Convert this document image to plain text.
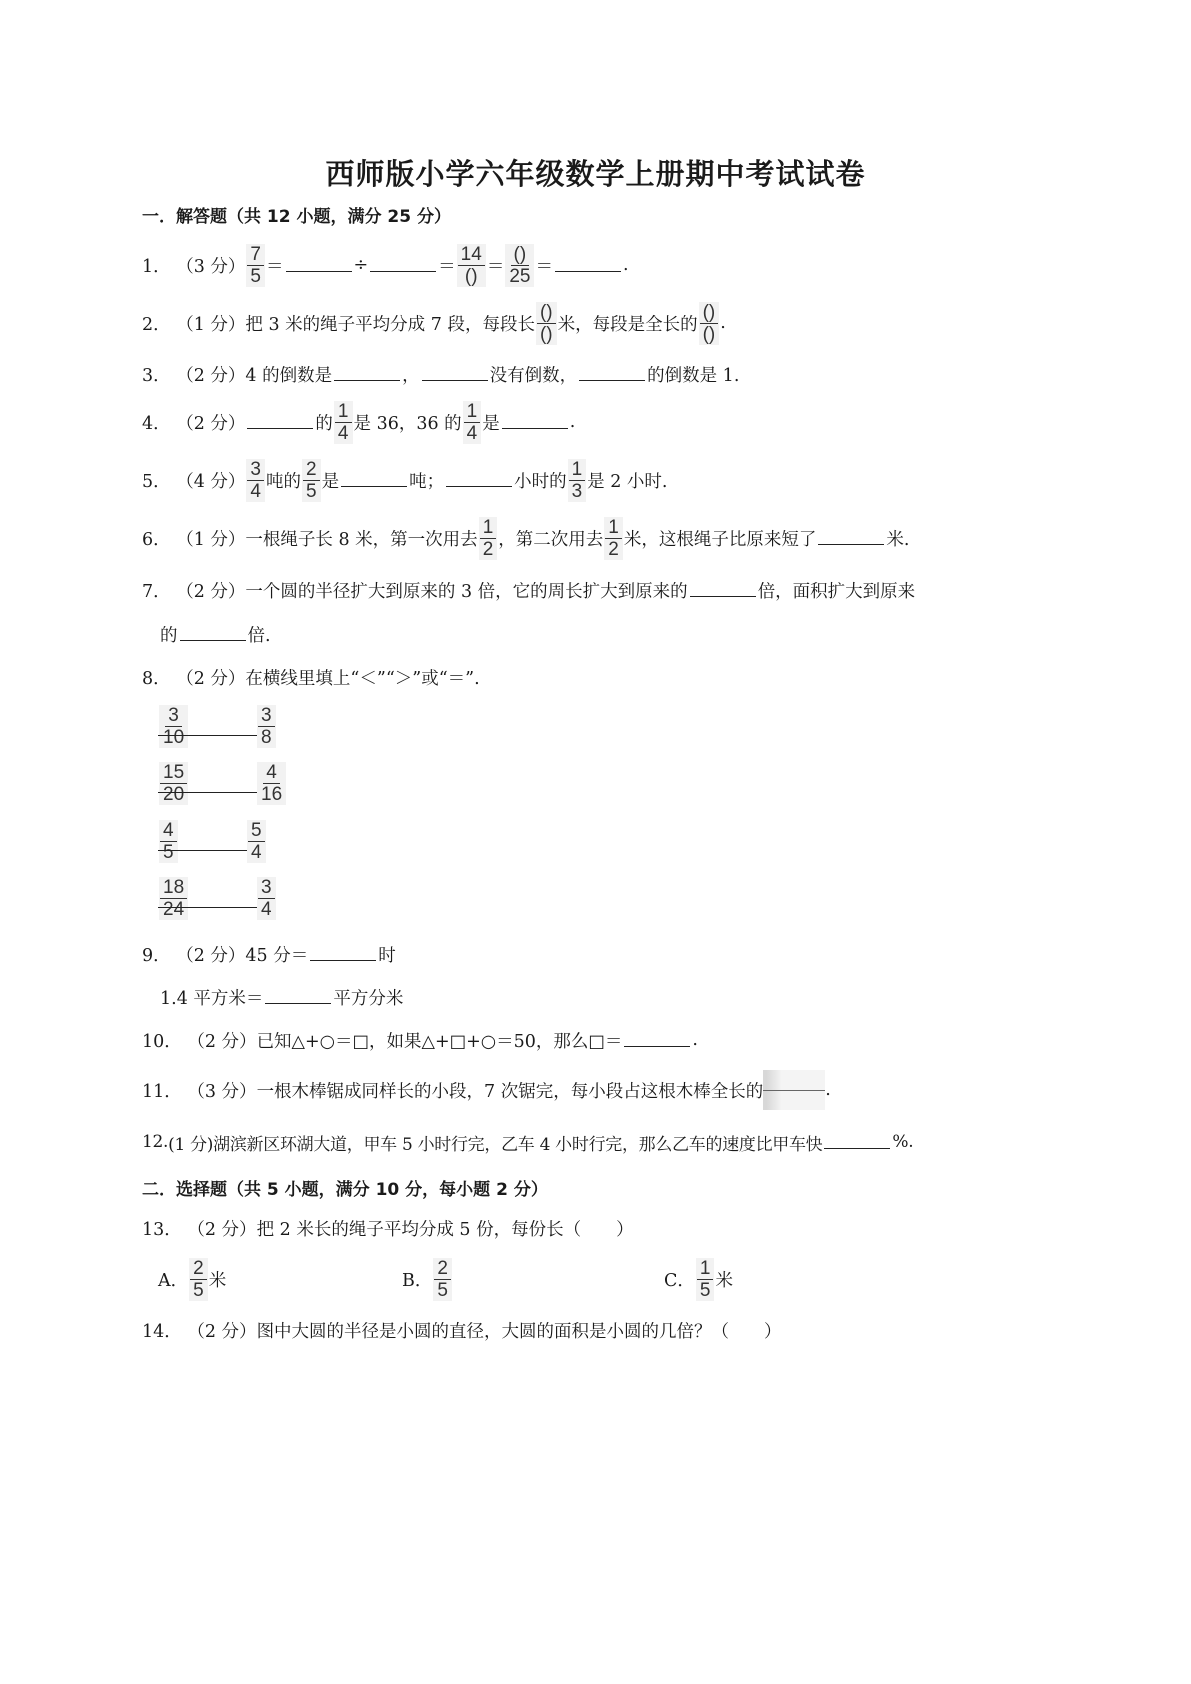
西师版小学六年级数学上册期中考试试卷
一．解答题（共 12 小题，满分 25 分）
1．
（3 分） $\frac{7}{5}$ ＝	÷	＝ $\frac{14}{()} = \frac{()}{25}$ ＝	.
2．
（1 分） 把 3 米的绳子平均分成 7 段，每段长 $\frac{()}{()}$ 米，每段是全长的 $\frac{()}{()}$ .
3．
（2 分） 4 的倒数是	，	没有倒数，	的倒数是 1.
4．
（2 分）	的 $\frac{1}{4}$ 是 36，36 的 $\frac{1}{4}$ 是	.
5．
（4 分） $\frac{3}{4}$ 吨的 $\frac{2}{5}$ 是	吨；	小时的 $\frac{1}{3}$ 是 2 小时.
6．
（1 分） 一根绳子长 8 米，第一次用去 $\frac{1}{2}$ ，第二次用去 $\frac{1}{2}$ 米，这根绳子比原来短了	米.
7．
（2 分） 一个圆的半径扩大到原来的 3 倍，它的周长扩大到原来的	倍，面积扩大到原来
的	倍.
8．
（2 分） 在横线里填上“＜”“＞”或“＝”.
$\frac{3}{10}$	$\frac{3}{8}$
$\frac{15}{20}$	$\frac{4}{16}$
$\frac{4}{5}$	$\frac{5}{4}$
$\frac{18}{24}$	$\frac{3}{4}$
9．
（2 分） 45 分＝	时
1.4 平方米＝	平方分米
10．
（2 分） 已知△+○＝□，如果△+□+○＝50，那么□＝	.
11．
（3 分） 一根木棒锯成同样长的小段，7 次锯完，每小段占这根木棒全长的	.
12. (1 分) 湖滨新区环湖大道，甲车 5 小时行完，乙车 4 小时行完，那么乙车的速度比甲车快	%.
二．选择题（共 5 小题，满分 10 分，每小题 2 分）
13．
（2 分） 把 2 米长的绳子平均分成 5 份，每份长（　　）
A． $\frac{2}{5}$ 米	B． $\frac{2}{5}$	C． $\frac{1}{5}$ 米
14．
（2 分） 图中大圆的半径是小圆的直径，大圆的面积是小圆的几倍？（　　）
